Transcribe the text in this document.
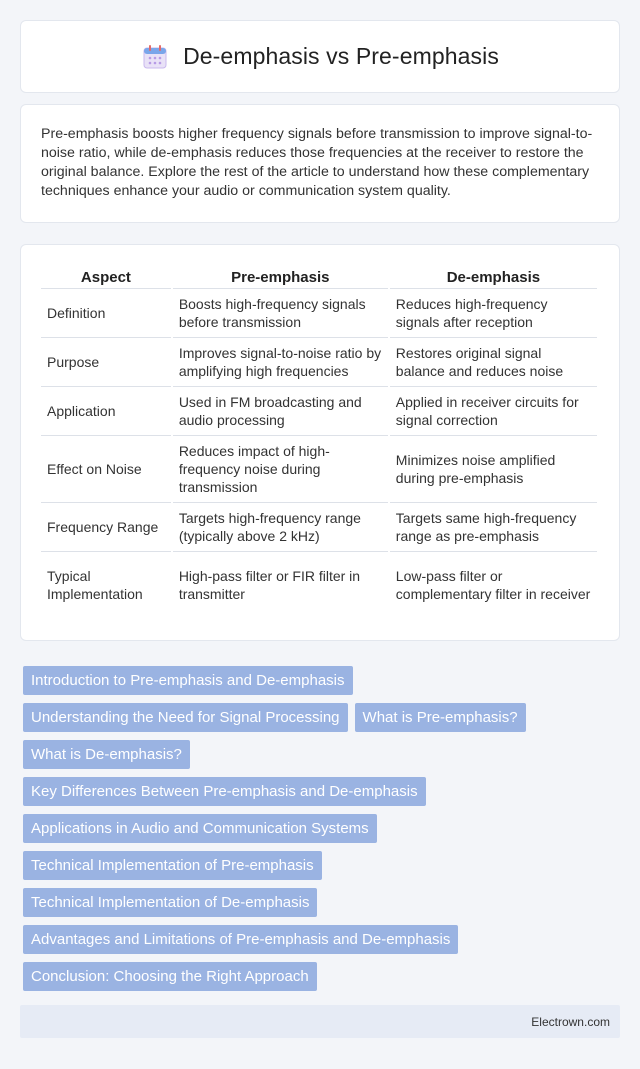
De-emphasis vs Pre-emphasis

Pre-emphasis boosts higher frequency signals before transmission to improve signal-to-noise ratio, while de-emphasis reduces those frequencies at the receiver to restore the original balance. Explore the rest of the article to understand how these complementary techniques enhance your audio or communication system quality.

Aspect	Pre-emphasis	De-emphasis
Definition	Boosts high-frequency signals before transmission	Reduces high-frequency signals after reception
Purpose	Improves signal-to-noise ratio by amplifying high frequencies	Restores original signal balance and reduces noise
Application	Used in FM broadcasting and audio processing	Applied in receiver circuits for signal correction
Effect on Noise	Reduces impact of high-frequency noise during transmission	Minimizes noise amplified during pre-emphasis
Frequency Range	Targets high-frequency range (typically above 2 kHz)	Targets same high-frequency range as pre-emphasis
Typical Implementation	High-pass filter or FIR filter in transmitter	Low-pass filter or complementary filter in receiver
Introduction to Pre-emphasis and De-emphasis
Understanding the Need for Signal Processing	What is Pre-emphasis?
What is De-emphasis?
Key Differences Between Pre-emphasis and De-emphasis
Applications in Audio and Communication Systems
Technical Implementation of Pre-emphasis
Technical Implementation of De-emphasis
Advantages and Limitations of Pre-emphasis and De-emphasis
Conclusion: Choosing the Right Approach
Electrown.com
